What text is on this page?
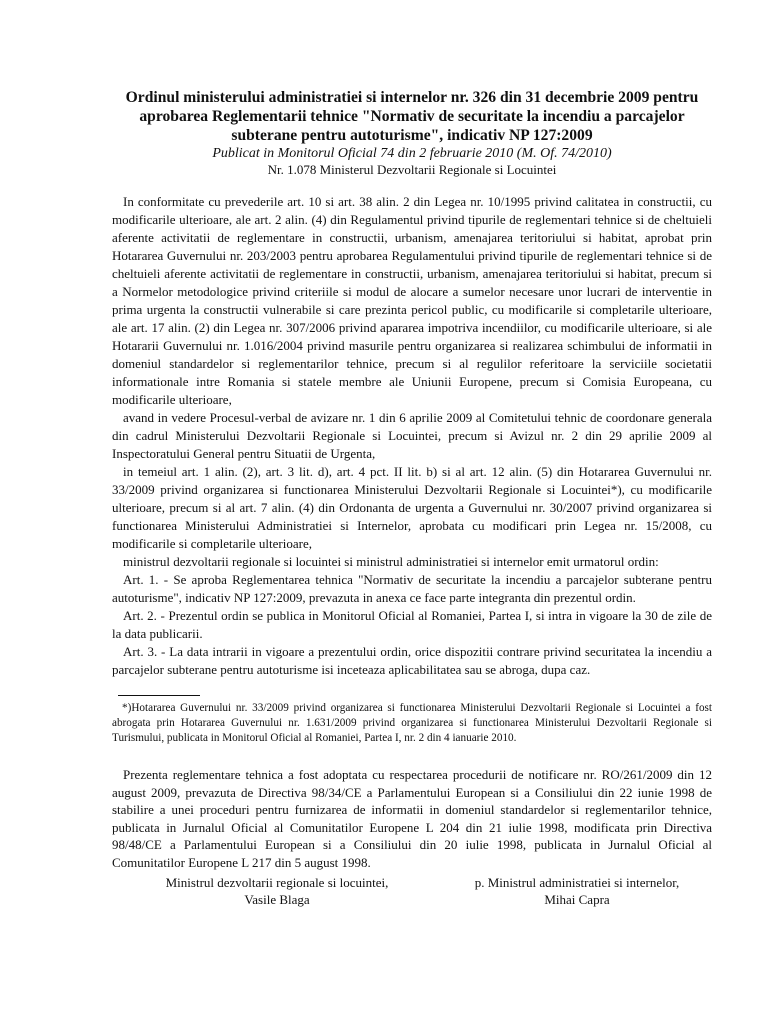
Ordinul ministerului administratiei si internelor nr. 326 din 31 decembrie 2009 pentru aprobarea Reglementarii tehnice "Normativ de securitate la incendiu a parcajelor subterane pentru autoturisme", indicativ NP 127:2009

Publicat in Monitorul Oficial 74 din 2 februarie 2010 (M. Of. 74/2010)

Nr. 1.078 Ministerul Dezvoltarii Regionale si Locuintei

In conformitate cu prevederile art. 10 si art. 38 alin. 2 din Legea nr. 10/1995 privind calitatea in constructii, cu modificarile ulterioare, ale art. 2 alin. (4) din Regulamentul privind tipurile de reglementari tehnice si de cheltuieli aferente activitatii de reglementare in constructii, urbanism, amenajarea teritoriului si habitat, aprobat prin Hotararea Guvernului nr. 203/2003 pentru aprobarea Regulamentului privind tipurile de reglementari tehnice si de cheltuieli aferente activitatii de reglementare in constructii, urbanism, amenajarea teritoriului si habitat, precum si a Normelor metodologice privind criteriile si modul de alocare a sumelor necesare unor lucrari de interventie in prima urgenta la constructii vulnerabile si care prezinta pericol public, cu modificarile si completarile ulterioare, ale art. 17 alin. (2) din Legea nr. 307/2006 privind apararea impotriva incendiilor, cu modificarile ulterioare, si ale Hotararii Guvernului nr. 1.016/2004 privind masurile pentru organizarea si realizarea schimbului de informatii in domeniul standardelor si reglementarilor tehnice, precum si al regulilor referitoare la serviciile societatii informationale intre Romania si statele membre ale Uniunii Europene, precum si Comisia Europeana, cu modificarile ulterioare,

avand in vedere Procesul-verbal de avizare nr. 1 din 6 aprilie 2009 al Comitetului tehnic de coordonare generala din cadrul Ministerului Dezvoltarii Regionale si Locuintei, precum si Avizul nr. 2 din 29 aprilie 2009 al Inspectoratului General pentru Situatii de Urgenta,

in temeiul art. 1 alin. (2), art. 3 lit. d), art. 4 pct. II lit. b) si al art. 12 alin. (5) din Hotararea Guvernului nr. 33/2009 privind organizarea si functionarea Ministerului Dezvoltarii Regionale si Locuintei*), cu modificarile ulterioare, precum si al art. 7 alin. (4) din Ordonanta de urgenta a Guvernului nr. 30/2007 privind organizarea si functionarea Ministerului Administratiei si Internelor, aprobata cu modificari prin Legea nr. 15/2008, cu modificarile si completarile ulterioare,

ministrul dezvoltarii regionale si locuintei si ministrul administratiei si internelor emit urmatorul ordin:

Art. 1. - Se aproba Reglementarea tehnica "Normativ de securitate la incendiu a parcajelor subterane pentru autoturisme", indicativ NP 127:2009, prevazuta in anexa ce face parte integranta din prezentul ordin.

Art. 2. - Prezentul ordin se publica in Monitorul Oficial al Romaniei, Partea I, si intra in vigoare la 30 de zile de la data publicarii.

Art. 3. - La data intrarii in vigoare a prezentului ordin, orice dispozitii contrare privind securitatea la incendiu a parcajelor subterane pentru autoturisme isi inceteaza aplicabilitatea sau se abroga, dupa caz.

*)Hotararea Guvernului nr. 33/2009 privind organizarea si functionarea Ministerului Dezvoltarii Regionale si Locuintei a fost abrogata prin Hotararea Guvernului nr. 1.631/2009 privind organizarea si functionarea Ministerului Dezvoltarii Regionale si Turismului, publicata in Monitorul Oficial al Romaniei, Partea I, nr. 2 din 4 ianuarie 2010.

Prezenta reglementare tehnica a fost adoptata cu respectarea procedurii de notificare nr. RO/261/2009 din 12 august 2009, prevazuta de Directiva 98/34/CE a Parlamentului European si a Consiliului din 22 iunie 1998 de stabilire a unei proceduri pentru furnizarea de informatii in domeniul standardelor si reglementarilor tehnice, publicata in Jurnalul Oficial al Comunitatilor Europene L 204 din 21 iulie 1998, modificata prin Directiva 98/48/CE a Parlamentului European si a Consiliului din 20 iulie 1998, publicata in Jurnalul Oficial al Comunitatilor Europene L 217 din 5 august 1998.

Ministrul dezvoltarii regionale si locuintei,
Vasile Blaga
p. Ministrul administratiei si internelor,
Mihai Capra
